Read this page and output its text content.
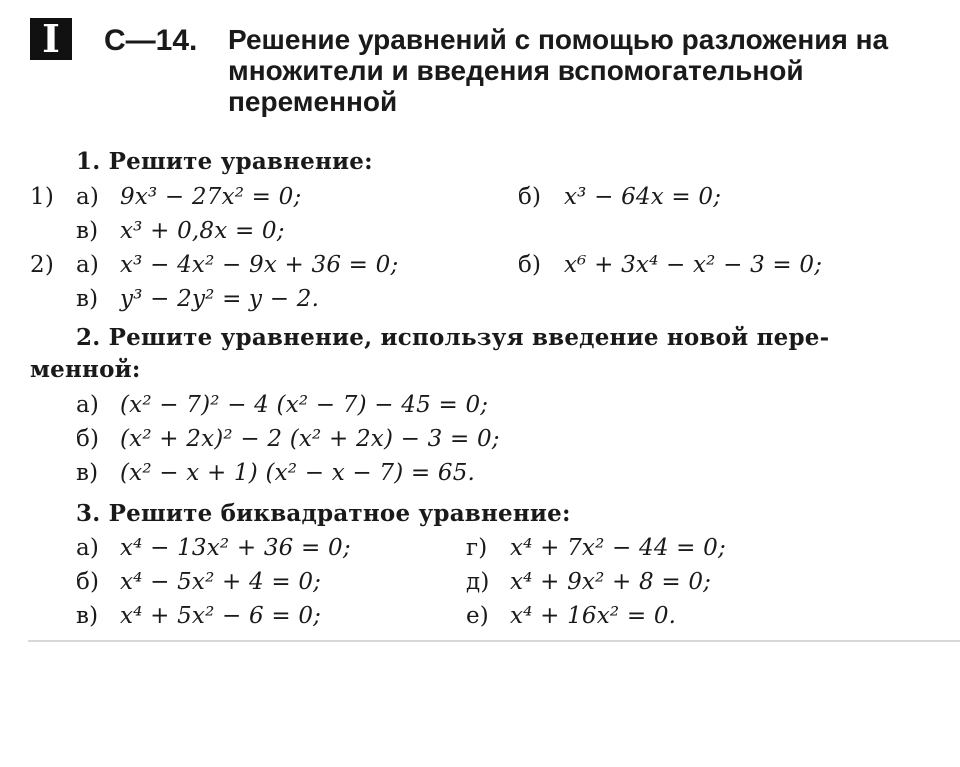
I	С—14. Решение уравнений с помощью разложения на множители и введения вспомогательной переменной
1. Решите уравнение:
1) а) 9x³ − 27x² = 0;	б) x³ − 64x = 0;
в) x³ + 0,8x = 0;
2) а) x³ − 4x² − 9x + 36 = 0;	б) x⁶ + 3x⁴ − x² − 3 = 0;
в) y³ − 2y² = y − 2.
2. Решите уравнение, используя введение новой пере-
менной:
а) (x² − 7)² − 4 (x² − 7) − 45 = 0;
б) (x² + 2x)² − 2 (x² + 2x) − 3 = 0;
в) (x² − x + 1) (x² − x − 7) = 65.
3. Решите биквадратное уравнение:
а) x⁴ − 13x² + 36 = 0;	г) x⁴ + 7x² − 44 = 0;
б) x⁴ − 5x² + 4 = 0;	д) x⁴ + 9x² + 8 = 0;
в) x⁴ + 5x² − 6 = 0;	е) x⁴ + 16x² = 0.
